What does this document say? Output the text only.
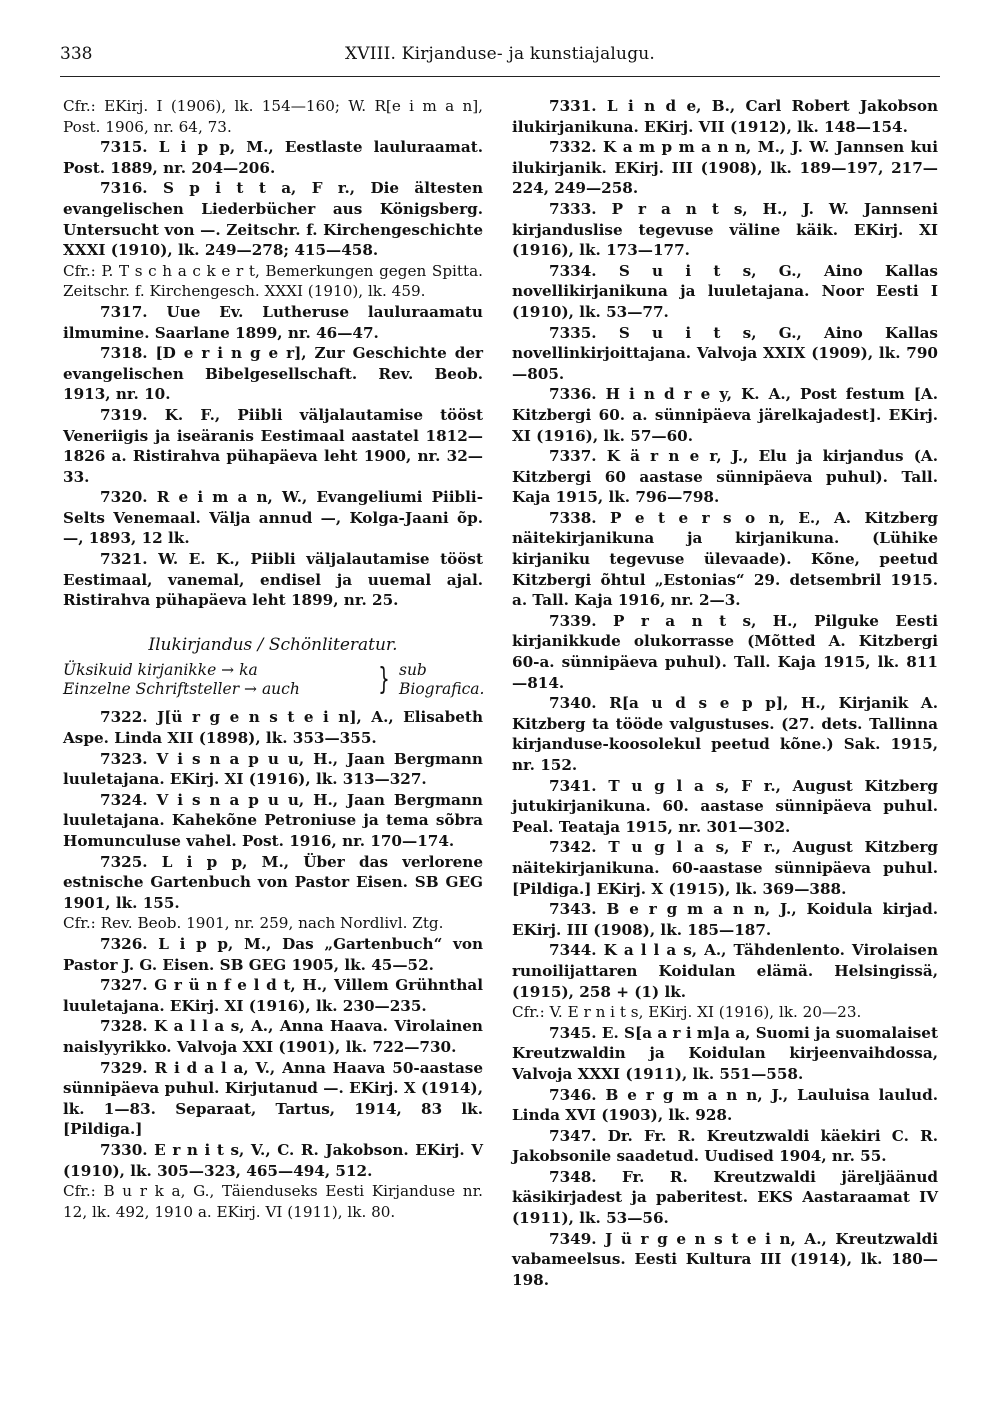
338	XVIII. Kirjanduse- ja kunstiajalugu.

Cfr.: EKirj. I (1906), lk. 154—160; W. R[e i m a n], Post. 1906, nr. 64, 73.

7315. L i p p, M., Eestlaste lauluraamat. Post. 1889, nr. 204—206.

7316. S p i t t a, F r., Die ältesten evangelischen Liederbücher aus Königsberg. Untersucht von —. Zeitschr. f. Kirchengeschichte XXXI (1910), lk. 249—278; 415—458.

Cfr.: P. T s c h a c k e r t, Bemerkungen gegen Spitta. Zeitschr. f. Kirchengesch. XXXI (1910), lk. 459.

7317. Uue Ev. Lutheruse lauluraamatu ilmumine. Saarlane 1899, nr. 46—47.

7318. [D e r i n g e r], Zur Geschichte der evangelischen Bibelgesellschaft. Rev. Beob. 1913, nr. 10.

7319. K. F., Piibli väljalautamise tööst Veneriigis ja iseäranis Eestimaal aastatel 1812—1826 a. Ristirahva pühapäeva leht 1900, nr. 32—33.

7320. R e i m a n, W., Evangeliumi Piibli-Selts Venemaal. Välja annud —, Kolga-Jaani õp. —, 1893, 12 lk.

7321. W. E. K., Piibli väljalautamise tööst Eestimaal, vanemal, endisel ja uuemal ajal. Ristirahva pühapäeva leht 1899, nr. 25.

Ilukirjandus / Schönliteratur.
Üksikuid kirjanikke → ka	} sub
Einzelne Schriftsteller → auch	Biografica.

7322. J[ü r g e n s t e i n], A., Elisabeth Aspe. Linda XII (1898), lk. 353—355.

7323. V i s n a p u u, H., Jaan Bergmann luuletajana. EKirj. XI (1916), lk. 313—327.

7324. V i s n a p u u, H., Jaan Bergmann luuletajana. Kahekõne Petroniuse ja tema sõbra Homunculuse vahel. Post. 1916, nr. 170—174.

7325. L i p p, M., Über das verlorene estnische Gartenbuch von Pastor Eisen. SB GEG 1901, lk. 155.

Cfr.: Rev. Beob. 1901, nr. 259, nach Nordlivl. Ztg.

7326. L i p p, M., Das „Gartenbuch“ von Pastor J. G. Eisen. SB GEG 1905, lk. 45—52.

7327. G r ü n f e l d t, H., Villem Grühnthal luuletajana. EKirj. XI (1916), lk. 230—235.

7328. K a l l a s, A., Anna Haava. Virolainen naislyyrikko. Valvoja XXI (1901), lk. 722—730.

7329. R i d a l a, V., Anna Haava 50-aastase sünnipäeva puhul. Kirjutanud —. EKirj. X (1914), lk. 1—83. Separaat, Tartus, 1914, 83 lk. [Pildiga.]

7330. E r n i t s, V., C. R. Jakobson. EKirj. V (1910), lk. 305—323, 465—494, 512.

Cfr.: B u r k a, G., Täienduseks Eesti Kirjanduse nr. 12, lk. 492, 1910 a. EKirj. VI (1911), lk. 80.

7331. L i n d e, B., Carl Robert Jakobson ilukirjanikuna. EKirj. VII (1912), lk. 148—154.

7332. K a m p m a n n, M., J. W. Jannsen kui ilukirjanik. EKirj. III (1908), lk. 189—197, 217—224, 249—258.

7333. P r a n t s, H., J. W. Jannseni kirjanduslise tegevuse väline käik. EKirj. XI (1916), lk. 173—177.

7334. S u i t s, G., Aino Kallas novellikirjanikuna ja luuletajana. Noor Eesti I (1910), lk. 53—77.

7335. S u i t s, G., Aino Kallas novellinkirjoittajana. Valvoja XXIX (1909), lk. 790—805.

7336. H i n d r e y, K. A., Post festum [A. Kitzbergi 60. a. sünnipäeva järelkajadest]. EKirj. XI (1916), lk. 57—60.

7337. K ä r n e r, J., Elu ja kirjandus (A. Kitzbergi 60 aastase sünnipäeva puhul). Tall. Kaja 1915, lk. 796—798.

7338. P e t e r s o n, E., A. Kitzberg näitekirjanikuna ja kirjanikuna. (Lühike kirjaniku tegevuse ülevaade). Kõne, peetud Kitzbergi õhtul „Estonias“ 29. detsembril 1915. a. Tall. Kaja 1916, nr. 2—3.

7339. P r a n t s, H., Pilguke Eesti kirjanikkude olukorrasse (Mõtted A. Kitzbergi 60-a. sünnipäeva puhul). Tall. Kaja 1915, lk. 811—814.

7340. R[a u d s e p p], H., Kirjanik A. Kitzberg ta tööde valgustuses. (27. dets. Tallinna kirjanduse-koosolekul peetud kõne.) Sak. 1915, nr. 152.

7341. T u g l a s, F r., August Kitzberg jutukirjanikuna. 60. aastase sünnipäeva puhul. Peal. Teataja 1915, nr. 301—302.

7342. T u g l a s, F r., August Kitzberg näitekirjanikuna. 60-aastase sünnipäeva puhul. [Pildiga.] EKirj. X (1915), lk. 369—388.

7343. B e r g m a n n, J., Koidula kirjad. EKirj. III (1908), lk. 185—187.

7344. K a l l a s, A., Tähdenlento. Virolaisen runoilijattaren Koidulan elämä. Helsingissä, (1915), 258 + (1) lk.

Cfr.: V. E r n i t s, EKirj. XI (1916), lk. 20—23.

7345. E. S[a a r i m]a a, Suomi ja suomalaiset Kreutzwaldin ja Koidulan kirjeenvaihdossa, Valvoja XXXI (1911), lk. 551—558.

7346. B e r g m a n n, J., Lauluisa laulud. Linda XVI (1903), lk. 928.

7347. Dr. Fr. R. Kreutzwaldi käekiri C. R. Jakobsonile saadetud. Uudised 1904, nr. 55.

7348. Fr. R. Kreutzwaldi järeljäänud käsikirjadest ja paberitest. EKS Aastaraamat IV (1911), lk. 53—56.

7349. J ü r g e n s t e i n, A., Kreutzwaldi vabameelsus. Eesti Kultura III (1914), lk. 180—198.
